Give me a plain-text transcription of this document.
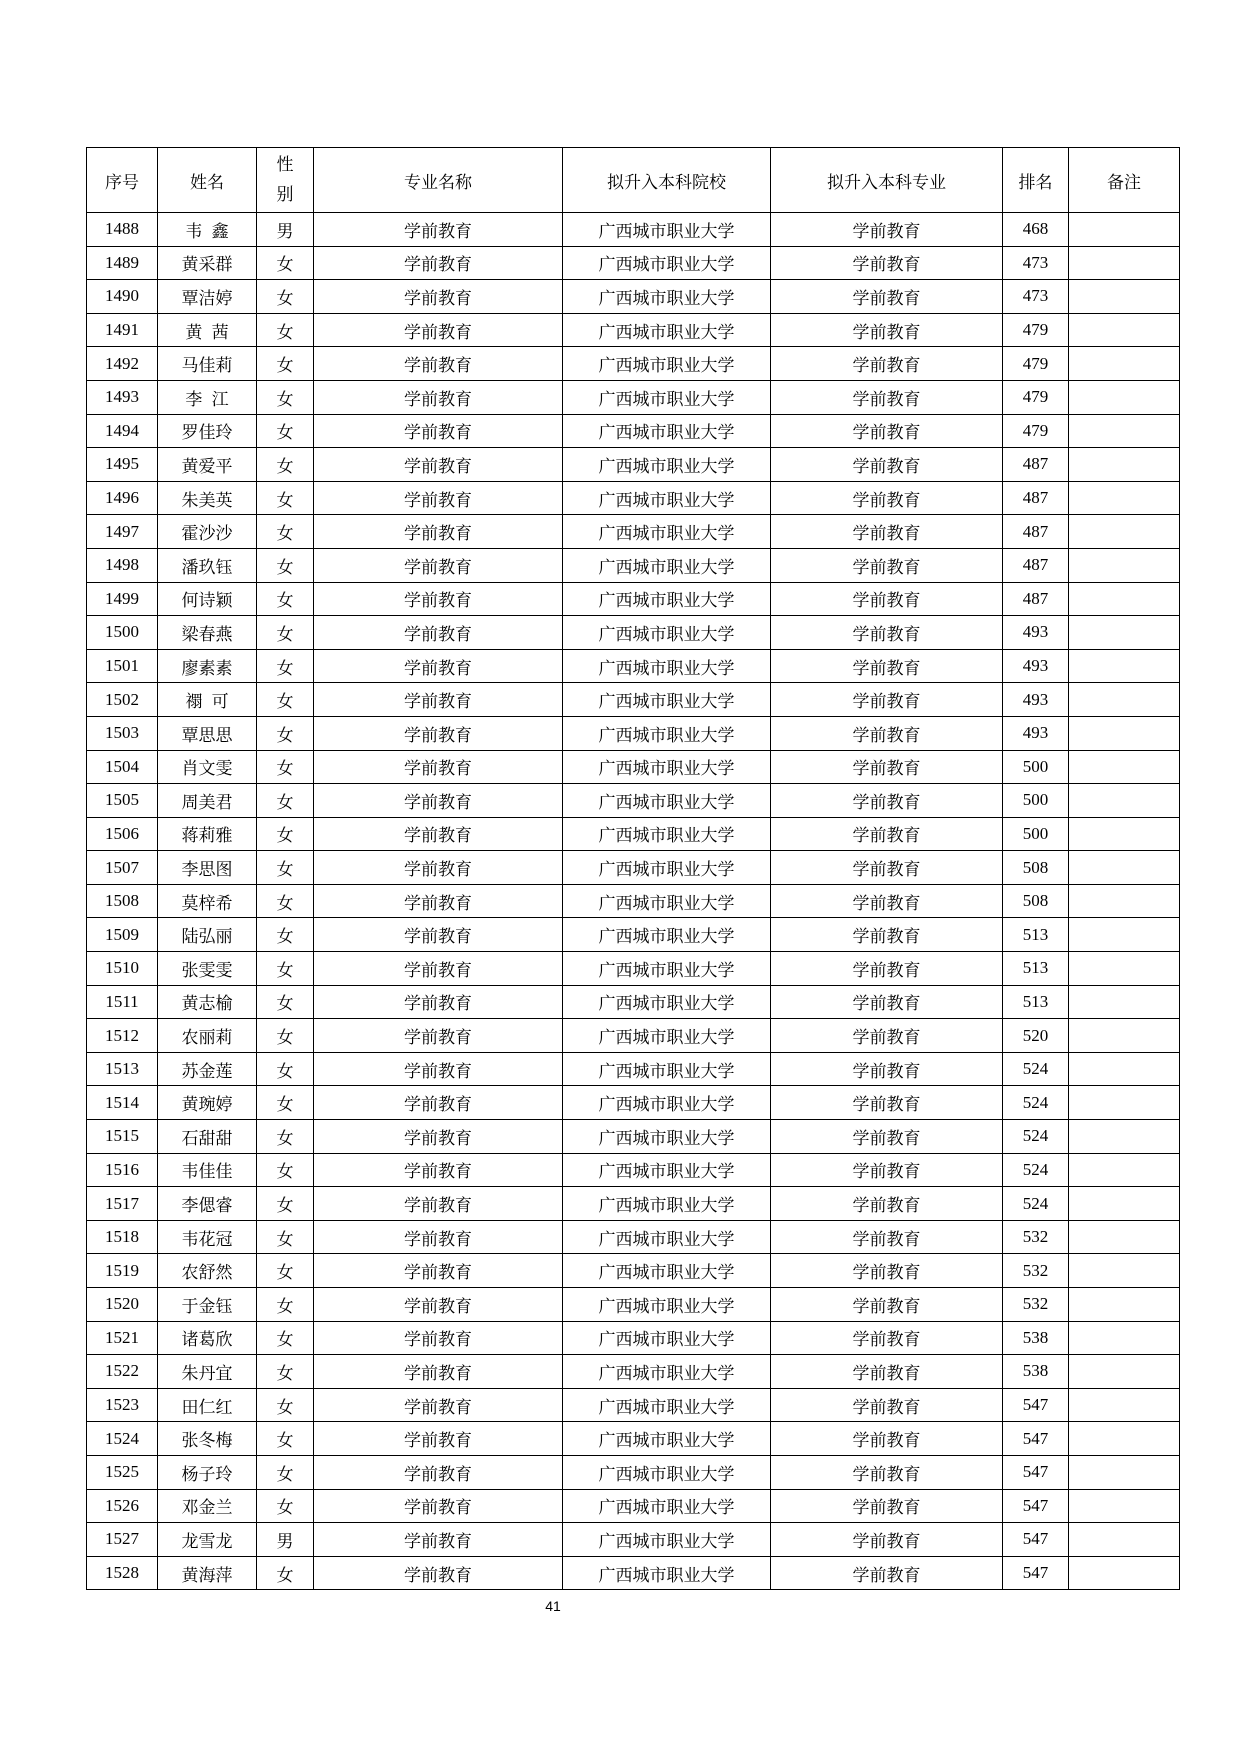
序号	姓名	性别	专业名称	拟升入本科院校	拟升入本科专业	排名	备注
1488	韦鑫	男	学前教育	广西城市职业大学	学前教育	468	
1489	黄采群	女	学前教育	广西城市职业大学	学前教育	473	
1490	覃洁婷	女	学前教育	广西城市职业大学	学前教育	473	
1491	黄茜	女	学前教育	广西城市职业大学	学前教育	479	
1492	马佳莉	女	学前教育	广西城市职业大学	学前教育	479	
1493	李江	女	学前教育	广西城市职业大学	学前教育	479	
1494	罗佳玲	女	学前教育	广西城市职业大学	学前教育	479	
1495	黄爱平	女	学前教育	广西城市职业大学	学前教育	487	
1496	朱美英	女	学前教育	广西城市职业大学	学前教育	487	
1497	霍沙沙	女	学前教育	广西城市职业大学	学前教育	487	
1498	潘玖钰	女	学前教育	广西城市职业大学	学前教育	487	
1499	何诗颖	女	学前教育	广西城市职业大学	学前教育	487	
1500	梁春燕	女	学前教育	广西城市职业大学	学前教育	493	
1501	廖素素	女	学前教育	广西城市职业大学	学前教育	493	
1502	禤可	女	学前教育	广西城市职业大学	学前教育	493	
1503	覃思思	女	学前教育	广西城市职业大学	学前教育	493	
1504	肖文雯	女	学前教育	广西城市职业大学	学前教育	500	
1505	周美君	女	学前教育	广西城市职业大学	学前教育	500	
1506	蒋莉雅	女	学前教育	广西城市职业大学	学前教育	500	
1507	李思图	女	学前教育	广西城市职业大学	学前教育	508	
1508	莫梓希	女	学前教育	广西城市职业大学	学前教育	508	
1509	陆弘丽	女	学前教育	广西城市职业大学	学前教育	513	
1510	张雯雯	女	学前教育	广西城市职业大学	学前教育	513	
1511	黄志榆	女	学前教育	广西城市职业大学	学前教育	513	
1512	农丽莉	女	学前教育	广西城市职业大学	学前教育	520	
1513	苏金莲	女	学前教育	广西城市职业大学	学前教育	524	
1514	黄琬婷	女	学前教育	广西城市职业大学	学前教育	524	
1515	石甜甜	女	学前教育	广西城市职业大学	学前教育	524	
1516	韦佳佳	女	学前教育	广西城市职业大学	学前教育	524	
1517	李偲睿	女	学前教育	广西城市职业大学	学前教育	524	
1518	韦花冠	女	学前教育	广西城市职业大学	学前教育	532	
1519	农舒然	女	学前教育	广西城市职业大学	学前教育	532	
1520	于金钰	女	学前教育	广西城市职业大学	学前教育	532	
1521	诸葛欣	女	学前教育	广西城市职业大学	学前教育	538	
1522	朱丹宜	女	学前教育	广西城市职业大学	学前教育	538	
1523	田仁红	女	学前教育	广西城市职业大学	学前教育	547	
1524	张冬梅	女	学前教育	广西城市职业大学	学前教育	547	
1525	杨子玲	女	学前教育	广西城市职业大学	学前教育	547	
1526	邓金兰	女	学前教育	广西城市职业大学	学前教育	547	
1527	龙雪龙	男	学前教育	广西城市职业大学	学前教育	547	
1528	黄海萍	女	学前教育	广西城市职业大学	学前教育	547	
41
